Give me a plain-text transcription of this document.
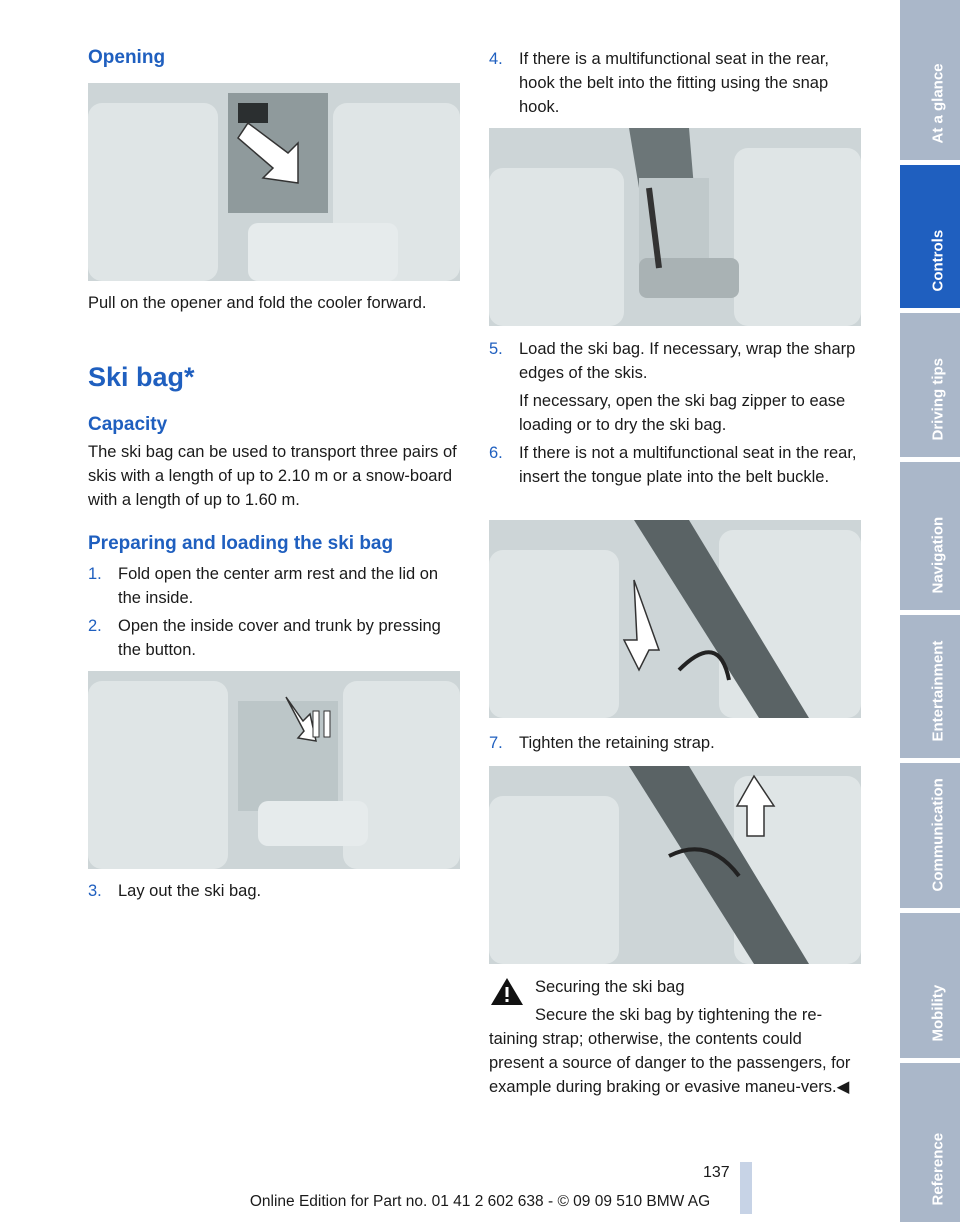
Opening

Pull on the opener and fold the cooler forward.

Ski bag*
Capacity

The ski bag can be used to transport three pairs of skis with a length of up to 2.10 m or a snow-board with a length of up to 1.60 m.

Preparing and loading the ski bag
1. Fold open the center arm rest and the lid on the inside.
2. Open the inside cover and trunk by pressing the button.
3. Lay out the ski bag.
4. If there is a multifunctional seat in the rear, hook the belt into the fitting using the snap hook.
5. Load the ski bag. If necessary, wrap the sharp edges of the skis.
If necessary, open the ski bag zipper to ease loading or to dry the ski bag.
6. If there is not a multifunctional seat in the rear, insert the tongue plate into the belt buckle.
7. Tighten the retaining strap.
Securing the ski bag
Secure the ski bag by tightening the re-
taining strap; otherwise, the contents could present a source of danger to the passengers, for example during braking or evasive maneu-vers.◀
At a glance
Controls
Driving tips
Navigation
Entertainment
Communication
Mobility
Reference
137
Online Edition for Part no. 01 41 2 602 638 - © 09 09 510 BMW AG
